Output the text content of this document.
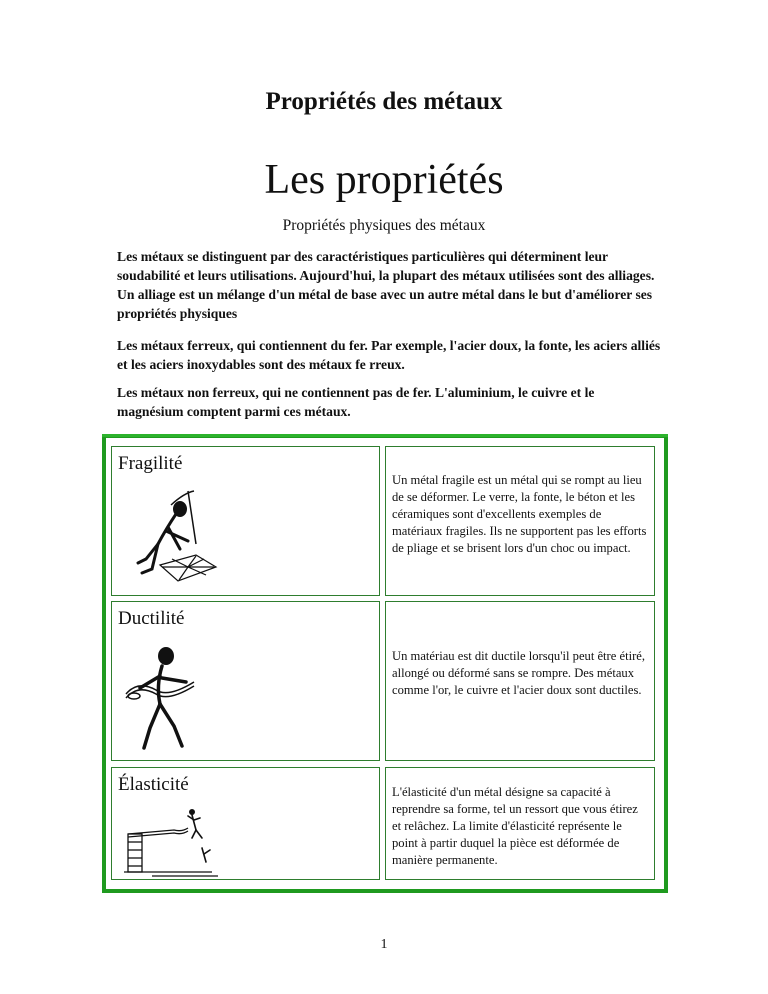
Propriétés des métaux
Les propriétés
Propriétés physiques des métaux

Les métaux se distinguent par des caractéristiques particulières qui déterminent leur soudabilité et leurs utilisations. Aujourd'hui, la plupart des métaux utilisées sont des alliages. Un alliage est un mélange d'un métal de base avec un autre métal dans le but d'améliorer ses propriétés physiques

Les métaux ferreux, qui contiennent du fer. Par exemple, l'acier doux, la fonte, les aciers alliés et les aciers inoxydables sont des métaux fe rreux.

Les métaux non ferreux, qui ne contiennent pas de fer. L'aluminium, le cuivre et le magnésium comptent parmi ces métaux.

Fragilité

Un métal fragile est un métal qui se rompt au lieu de se déformer. Le verre, la fonte, le béton et les céramiques sont d'excellents exemples de matériaux fragiles. Ils ne supportent pas les efforts de pliage et se brisent lors d'un choc ou impact.

Ductilité

Un matériau est dit ductile lorsqu'il peut être étiré, allongé ou déformé sans se rompre. Des métaux comme l'or, le cuivre et l'acier doux sont ductiles.

Élasticité	L'élasticité d'un métal désigne sa capacité à reprendre sa forme, tel un ressort que vous étirez et relâchez. La limite d'élasticité représente le point à partir duquel la pièce est déformée de manière permanente.

1
